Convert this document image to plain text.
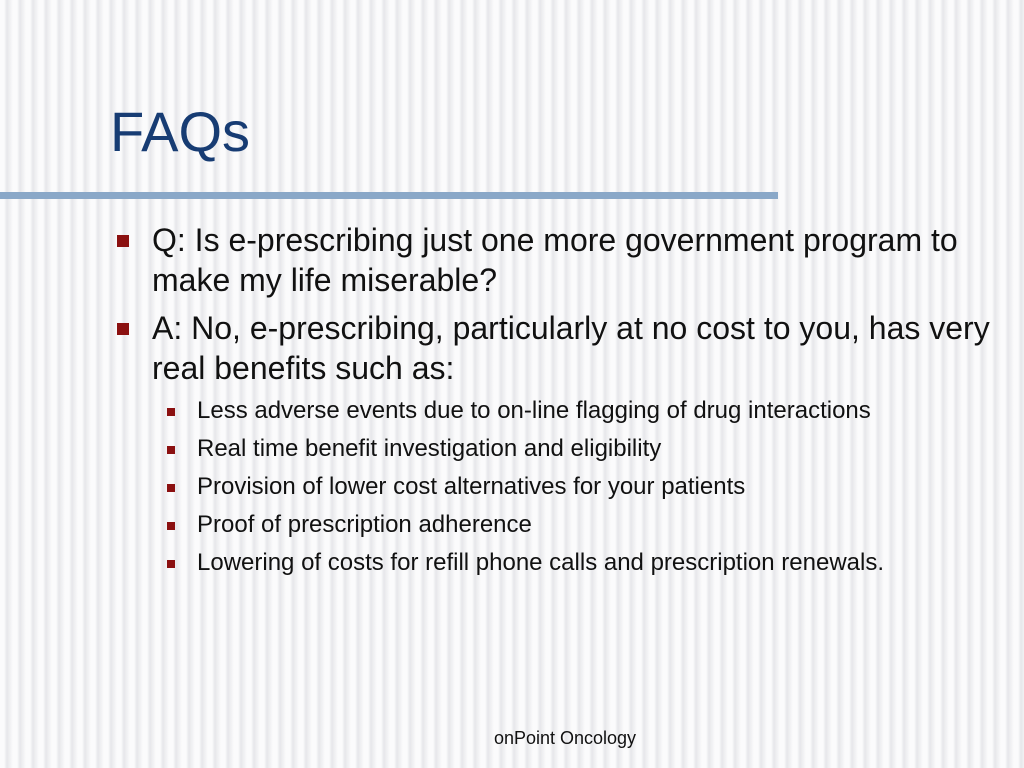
FAQs
Q: Is e-prescribing just one more government program to make my life miserable?
A: No, e-prescribing, particularly at no cost to you, has very real benefits such as:
Less adverse events due to on-line flagging of drug interactions
Real time benefit investigation and eligibility
Provision of lower cost alternatives for your patients
Proof of prescription adherence
Lowering of costs for refill phone calls and prescription renewals.
onPoint Oncology
